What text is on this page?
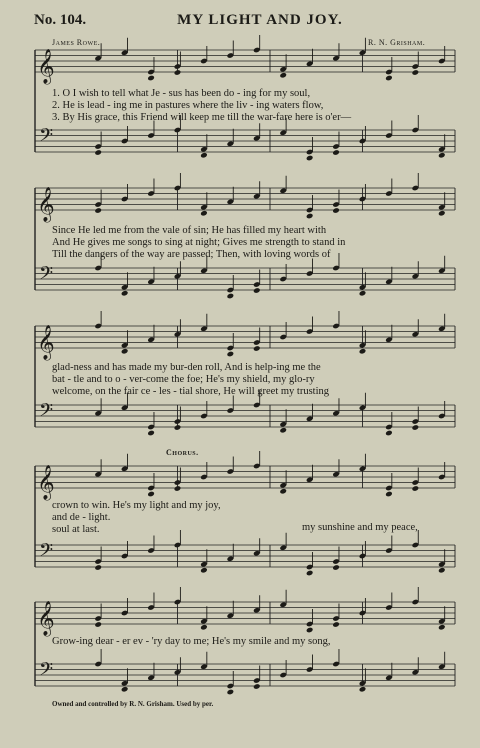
No. 104.	MY LIGHT AND JOY.
James Rowe.	R. N. Grisham.
𝄞
𝄢
𝄞
𝄢
𝄞
𝄢
𝄞
𝄢
𝄞
𝄢
1. O I wish to tell what Je - sus has been do - ing for my soul,
2. He is lead - ing me in pastures where the liv - ing waters flow,
3. By His grace, this Friend will keep me till the war-fare here is o'er—
Since He led me from the vale of sin; He has filled my heart with
And He gives me songs to sing at night; Gives me strength to stand in
Till the dangers of the way are passed; Then, with loving words of
glad-ness and has made my bur-den roll, And is help-ing me the
bat - tle and to o - ver-come the foe; He's my shield, my glo-ry
welcome, on the fair ce - les - tial shore, He will greet my trusting
Chorus.
crown to win. He's my light and my joy,
and de - light.
soul at last.	my sunshine and my peace,
Grow-ing dear - er ev - 'ry day to me; He's my smile and my song,
Owned and controlled by R. N. Grisham. Used by per.
